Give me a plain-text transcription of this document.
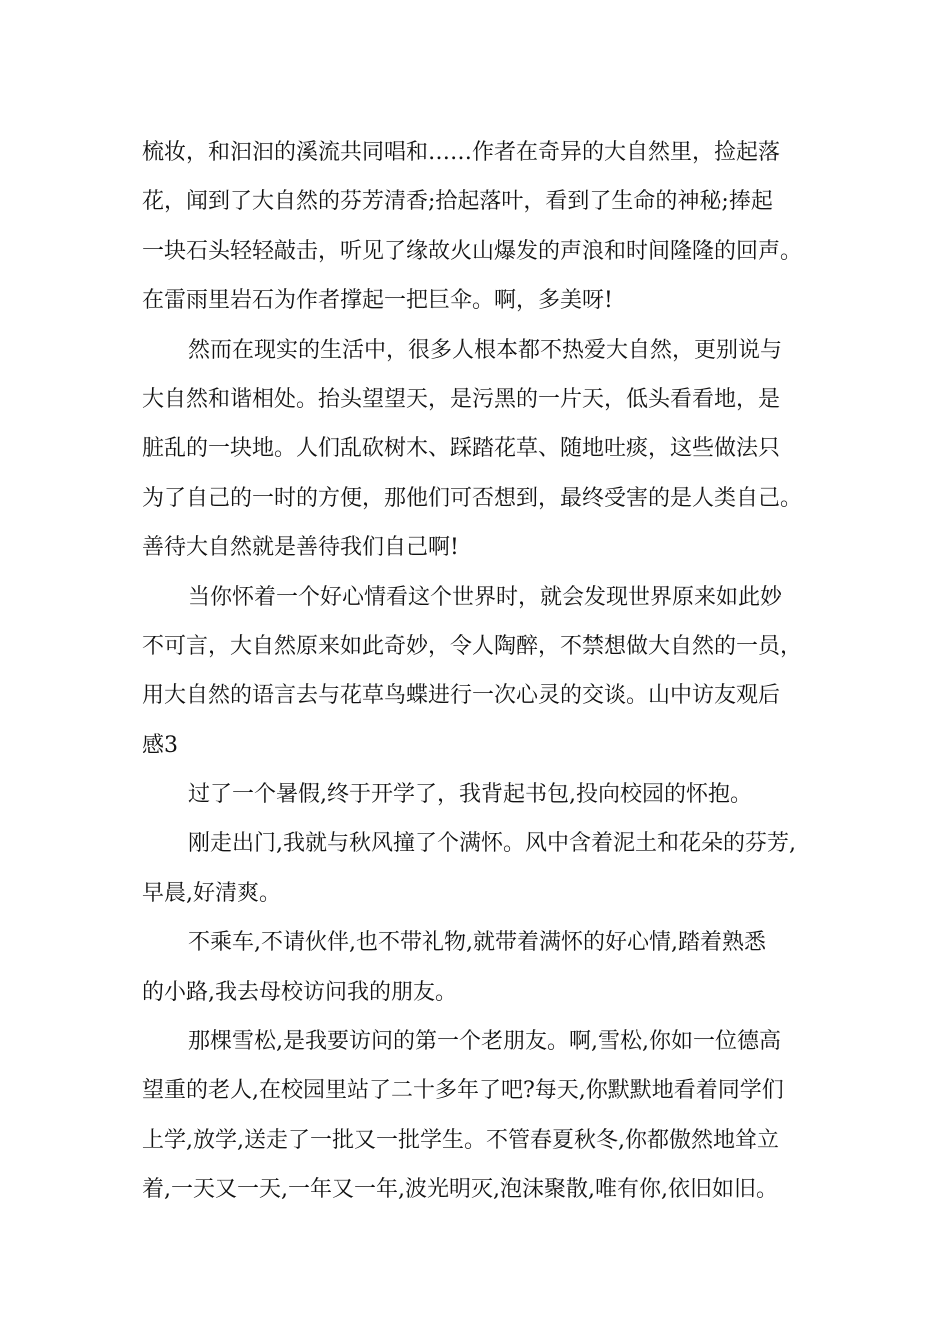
梳妆，和汩汩的溪流共同唱和……作者在奇异的大自然里，捡起落
花，闻到了大自然的芬芳清香;拾起落叶，看到了生命的神秘;捧起
一块石头轻轻敲击，听见了缘故火山爆发的声浪和时间隆隆的回声。
在雷雨里岩石为作者撑起一把巨伞。啊，多美呀!
然而在现实的生活中，很多人根本都不热爱大自然，更别说与
大自然和谐相处。抬头望望天，是污黑的一片天，低头看看地，是
脏乱的一块地。人们乱砍树木、踩踏花草、随地吐痰，这些做法只
为了自己的一时的方便，那他们可否想到，最终受害的是人类自己。
善待大自然就是善待我们自己啊!
当你怀着一个好心情看这个世界时，就会发现世界原来如此妙
不可言，大自然原来如此奇妙，令人陶醉，不禁想做大自然的一员，
用大自然的语言去与花草鸟蝶进行一次心灵的交谈。山中访友观后
感3
过了一个暑假,终于开学了，我背起书包,投向校园的怀抱。
刚走出门,我就与秋风撞了个满怀。风中含着泥土和花朵的芬芳,
早晨,好清爽。
不乘车,不请伙伴,也不带礼物,就带着满怀的好心情,踏着熟悉
的小路,我去母校访问我的朋友。
那棵雪松,是我要访问的第一个老朋友。啊,雪松,你如一位德高
望重的老人,在校园里站了二十多年了吧?每天,你默默地看着同学们
上学,放学,送走了一批又一批学生。不管春夏秋冬,你都傲然地耸立
着,一天又一天,一年又一年,波光明灭,泡沫聚散,唯有你,依旧如旧。
